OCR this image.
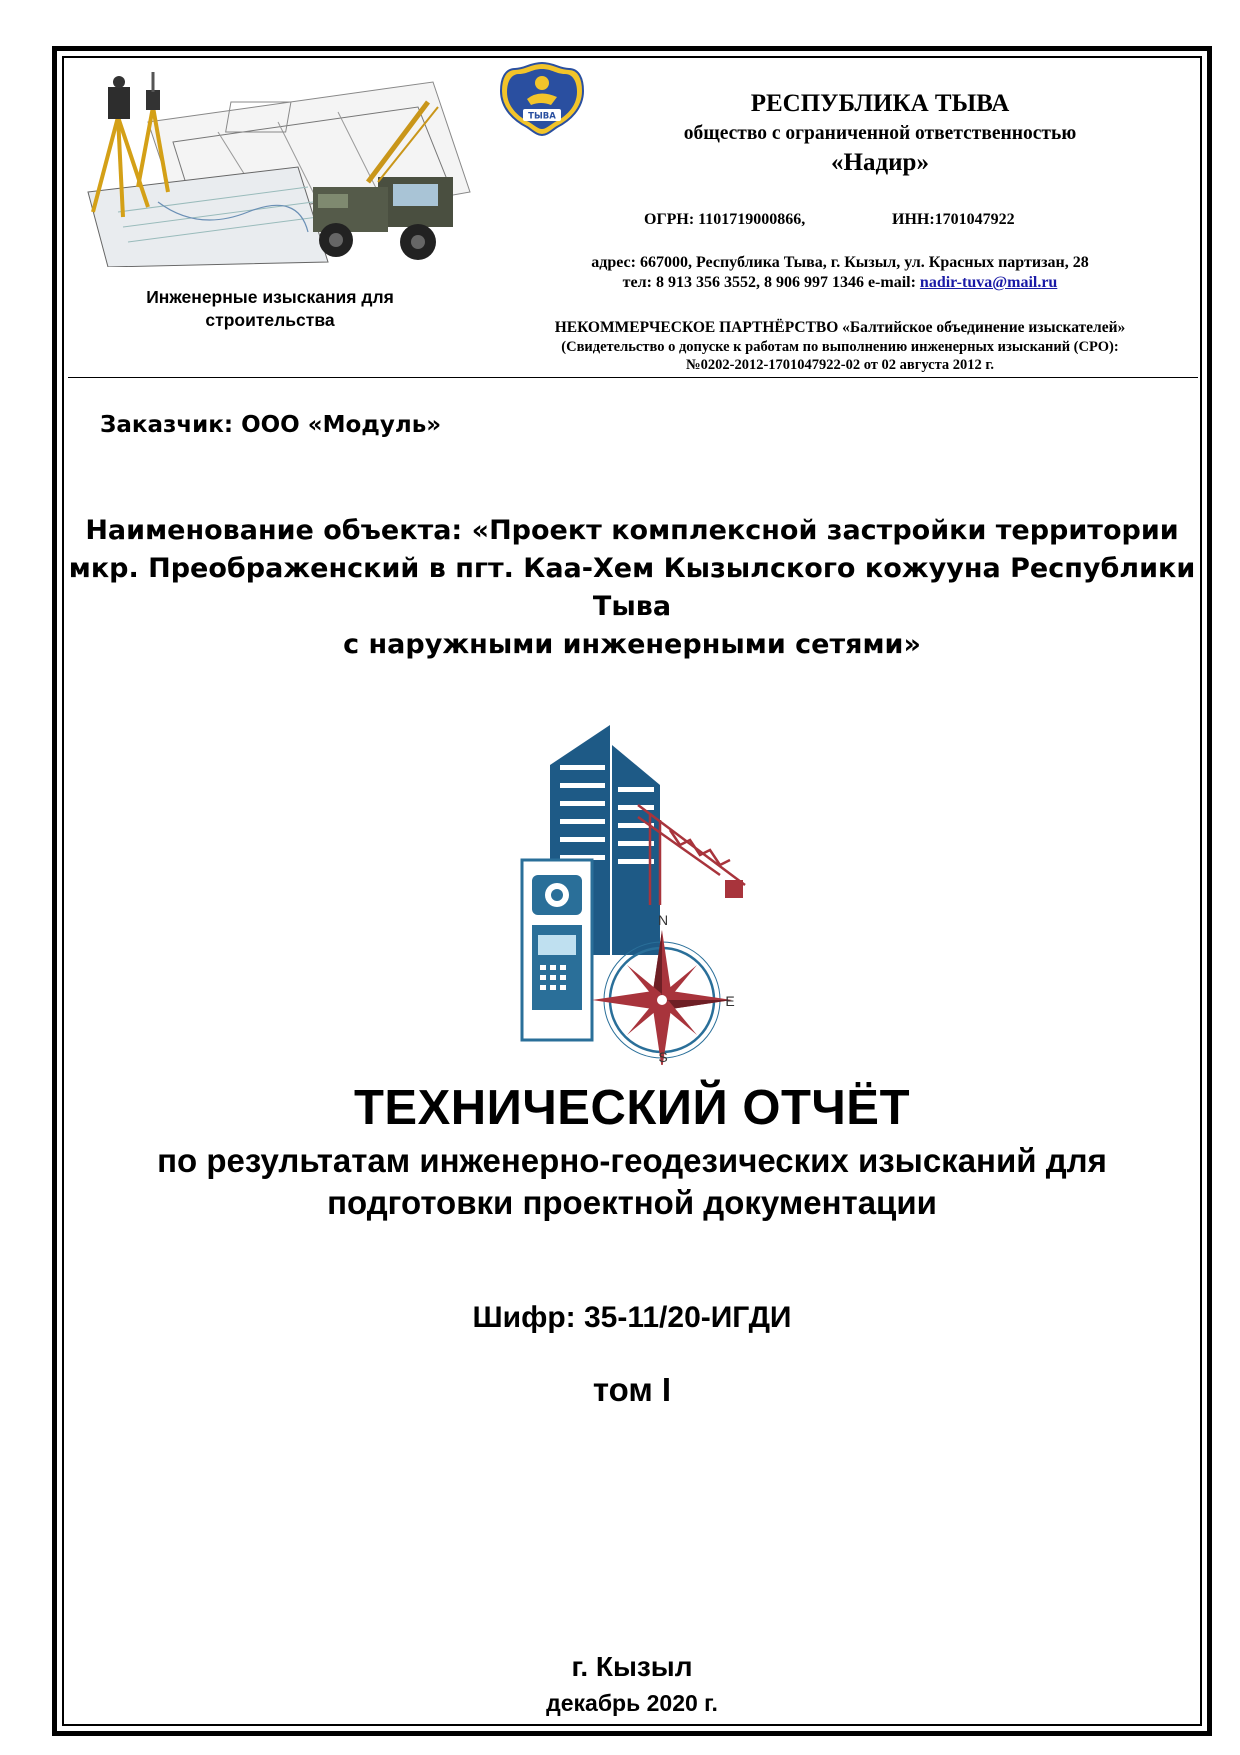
Инженерные изыскания для строительства
ТЫВА	РЕСПУБЛИКА ТЫВА
общество с ограниченной ответственностью
«Надир»
ОГРН: 1101719000866,	ИНН:1701047922
адрес: 667000, Республика Тыва, г. Кызыл, ул. Красных партизан, 28
тел: 8 913 356 3552, 8 906 997 1346 e-mail: nadir-tuva@mail.ru
НЕКОММЕРЧЕСКОЕ ПАРТНЁРСТВО «Балтийское объединение изыскателей»
(Свидетельство о допуске к работам по выполнению инженерных изысканий (СРО):
№0202-2012-1701047922-02 от 02 августа 2012 г.
Заказчик: ООО «Модуль»
Наименование объекта: «Проект комплексной застройки территории
мкр. Преображенский в пгт. Каа-Хем Кызылского кожууна Республики Тыва
с наружными инженерными сетями»
N
E
S
ТЕХНИЧЕСКИЙ ОТЧЁТ
по результатам инженерно-геодезических изысканий для
подготовки проектной документации
Шифр: 35-11/20-ИГДИ
том I
г. Кызыл
декабрь 2020 г.
